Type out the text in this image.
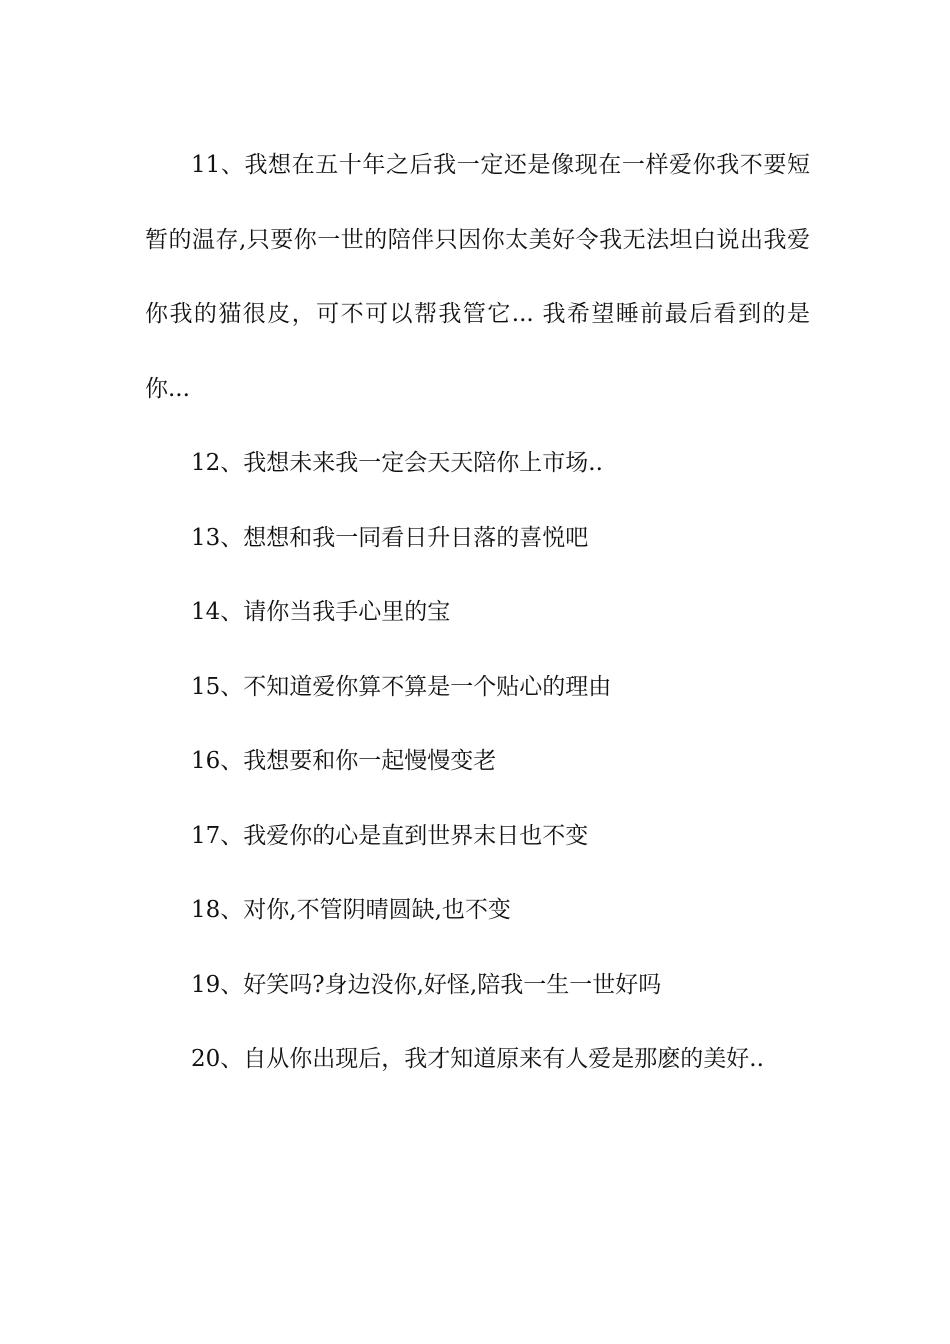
11、我想在五十年之后我一定还是像现在一样爱你我不要短暂的温存,只要你一世的陪伴只因你太美好令我无法坦白说出我爱你我的猫很皮，可不可以帮我管它... 我希望睡前最后看到的是你...

12、我想未来我一定会天天陪你上市场..

13、想想和我一同看日升日落的喜悦吧

14、请你当我手心里的宝

15、不知道爱你算不算是一个贴心的理由

16、我想要和你一起慢慢变老

17、我爱你的心是直到世界末日也不变

18、对你,不管阴晴圆缺,也不变

19、好笑吗?身边没你,好怪,陪我一生一世好吗

20、自从你出现后，我才知道原来有人爱是那麽的美好..
